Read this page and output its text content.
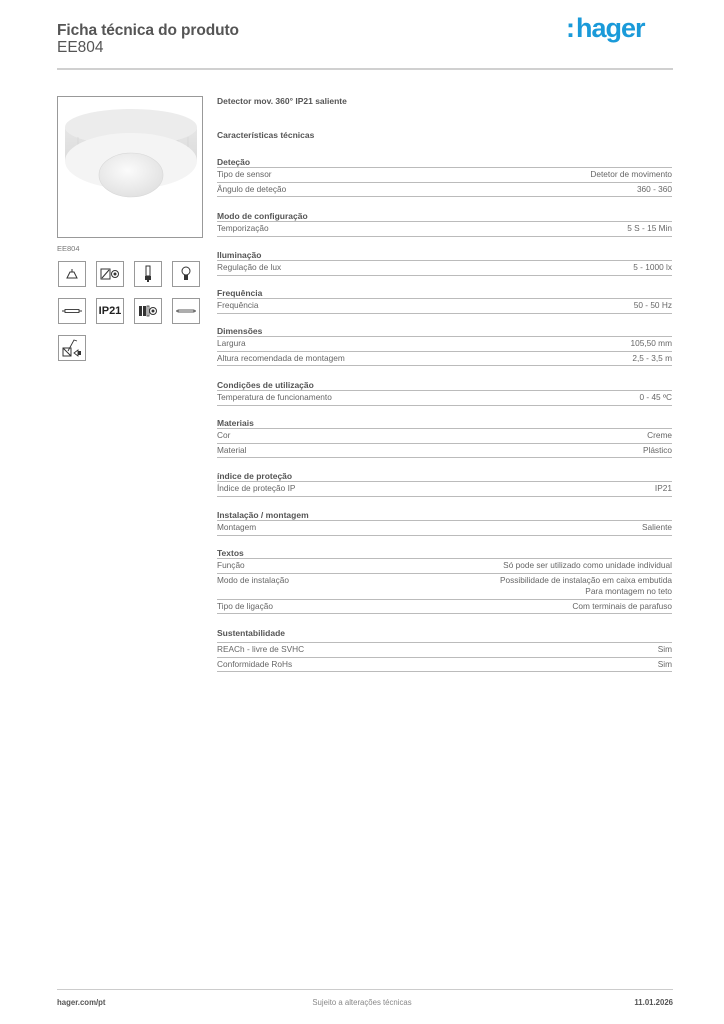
Ficha técnica do produto
EE804
:hager
EE804
IP21
Detector mov. 360° IP21 saliente
Características técnicas
Deteção
Tipo de sensor	Detetor de movimento
Ângulo de deteção	360 - 360
Modo de configuração
Temporização	5 S - 15 Min
Iluminação
Regulação de lux	5 - 1000 lx
Frequência
Frequência	50 - 50 Hz
Dimensões
Largura	105,50 mm
Altura recomendada de montagem	2,5 - 3,5 m
Condições de utilização
Temperatura de funcionamento	0 - 45 ºC
Materiais
Cor	Creme
Material	Plástico
índice de proteção
Índice de proteção IP	IP21
Instalação / montagem
Montagem	Saliente
Textos
Função	Só pode ser utilizado como unidade individual
Modo de instalação	Possibilidade de instalação em caixa embutida
Para montagem no teto
Tipo de ligação	Com terminais de parafuso
Sustentabilidade
REACh - livre de SVHC	Sim
Conformidade RoHs	Sim
hager.com/pt	Sujeito a alterações técnicas	11.01.2026
